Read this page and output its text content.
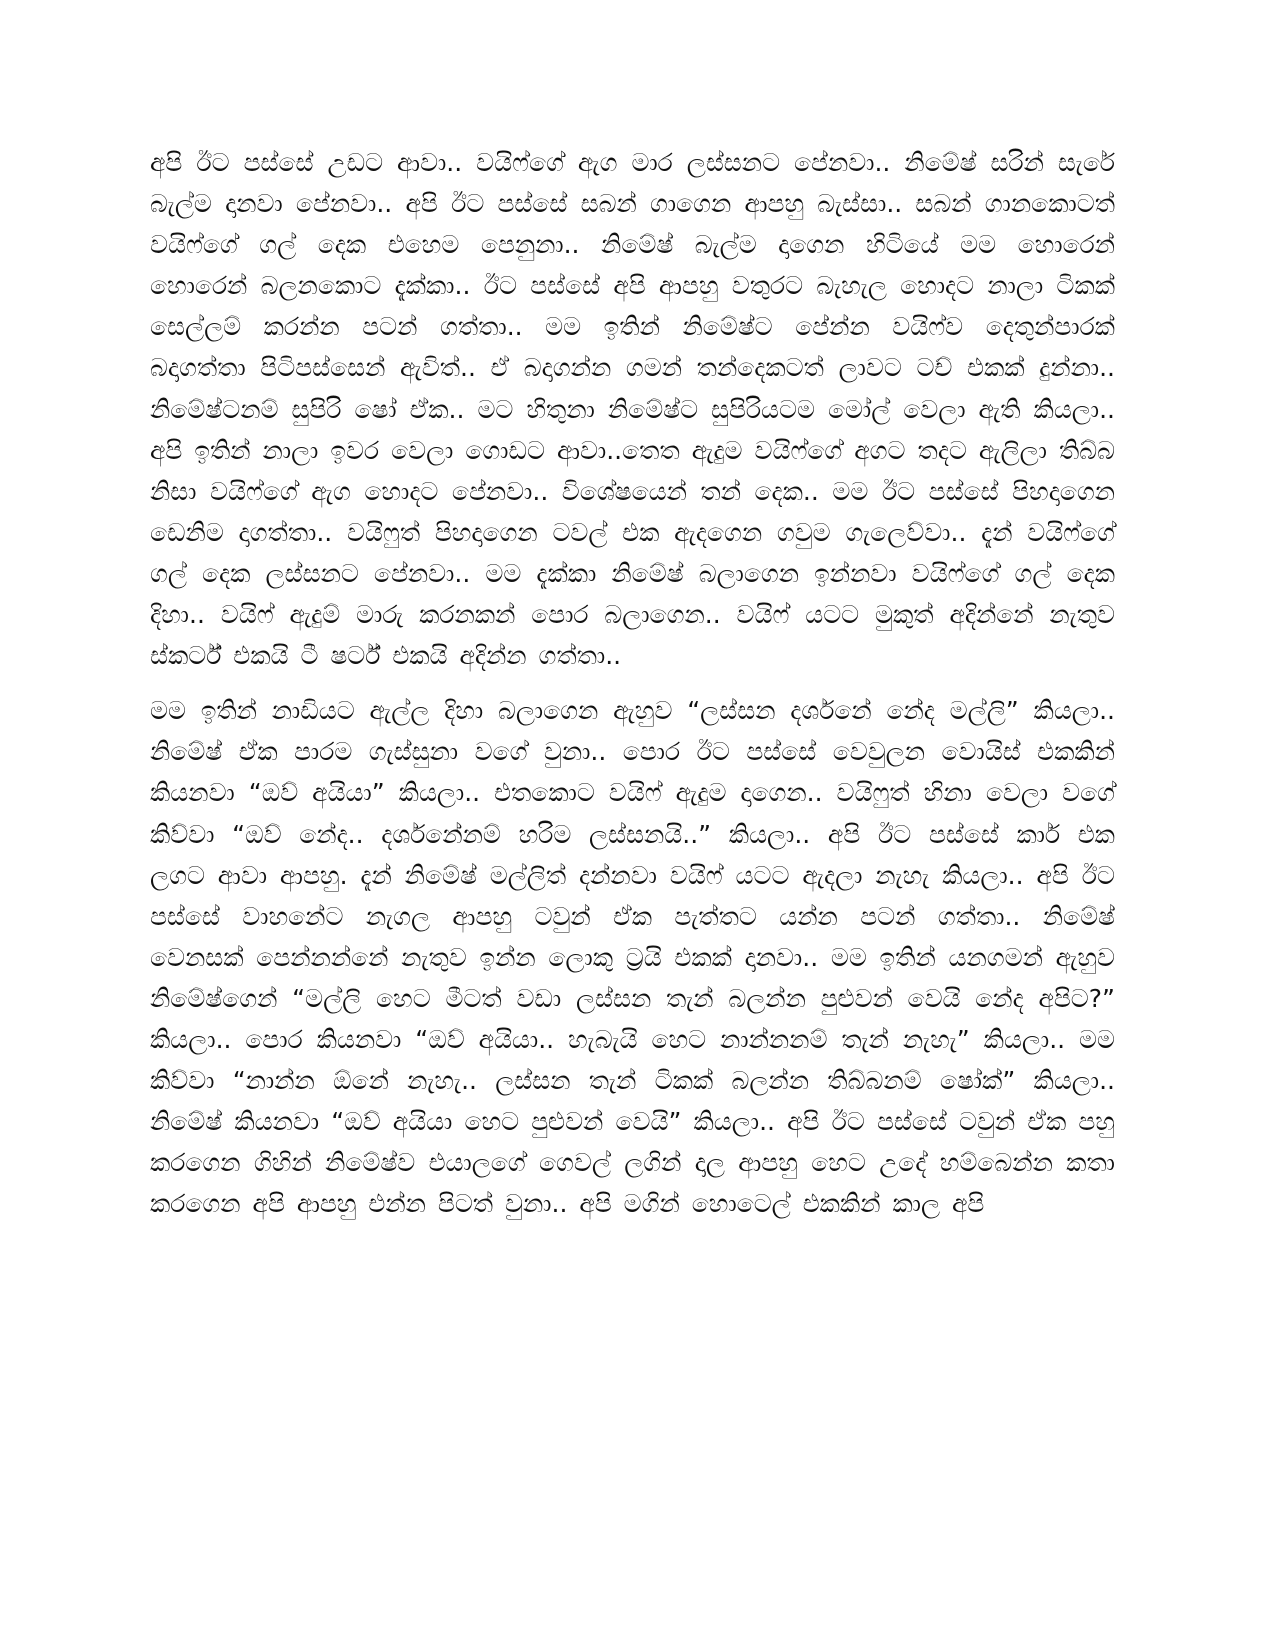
අපි ඊට පස්සේ උඩට ආවා.. වයිෆ්ගේ ඇග මාර ලස්සනට පේනවා.. නිමේෂ් සරින් සැරේ බැල්ම දානවා පේනවා.. අපි ඊට පස්සේ සබන් ගාගෙන ආපහු බැස්සා.. සබන් ගානකොටත් වයිෆ්ගේ ගල් දෙක එහෙම පෙනුනා.. නිමේෂ් බැල්ම දාගෙන හිටියේ මම හොරෙන් හොරෙන් බලනකොට දැක්කා.. ඊට පස්සේ අපි ආපහු වතුරට බැහැල හොදට නාලා ටිකක් සෙල්ලම් කරන්න පටන් ගත්තා.. මම ඉතින් නිමේෂ්ට පේන්න වයිෆ්ව දෙතුන්පාරක් බදාගත්තා පිටිපස්සෙන් ඇවිත්.. ඒ බදාගන්න ගමන් තන්දෙකටත් ලාවට ටච් එකක් දුන්නා.. නිමේෂ්ටනම් සුපිරි ෂෝ ඒක.. මට හිතුනා නිමේෂ්ට සුපිරියටම මෝල් වෙලා ඇති කියලා.. අපි ඉතින් නාලා ඉවර වෙලා ගොඩට ආවා..තෙත ඇදුම වයිෆ්ගේ අගට තදට ඇලිලා තිබ්බ නිසා වයිෆ්ගේ ඇග හොදට පේනවා.. විශේෂයෙන් තන් දෙක.. මම ඊට පස්සේ පිහදාගෙන ඩෙනිම දාගත්තා.. වයිෆුත් පිහදාගෙන ටවල් එක ඇදගෙන ගවුම ගැලෙව්වා.. දැන් වයිෆ්ගේ ගල් දෙක ලස්සනට පේනවා.. මම දැක්කා නිමේෂ් බලාගෙන ඉන්නවා වයිෆ්ගේ ගල් දෙක දිහා.. වයිෆ් ඇදුම් මාරු කරනකන් පොර බලාගෙන.. වයිෆ් යටට මුකුත් අදින්නේ නැතුව ස්කර්ට් එකයි ටී ෂර්ට් එකයි අදින්න ගත්තා..

මම ඉතින් නාඩියට ඇල්ල දිහා බලාගෙන ඇහුව “ලස්සන දර්ශනේ නේද මල්ලි” කියලා.. නිමේෂ් ඒක පාරම ගැස්සුනා වගේ වුනා.. පොර ඊට පස්සේ වෙවුලන වොයිස් එකකින් කියනවා “ඔව් අයියා” කියලා.. එතකොට වයිෆ් ඇදුම දාගෙන.. වයිෆුත් හිනා වෙලා වගේ කිව්වා “ඔව් නේද.. දර්ශනේනම් හරිම ලස්සනයි..” කියලා.. අපි ඊට පස්සේ කාර් එක ලගට ආවා ආපහු. දැන් නිමේෂ් මල්ලිත් දන්නවා වයිෆ් යටට ඇදලා නැහැ කියලා.. අපි ඊට පස්සේ වාහනේට නැගල ආපහු ටවුන් ඒක පැත්තට යන්න පටන් ගත්තා.. නිමේෂ් වෙනසක් පෙන්නන්නේ නැතුව ඉන්න ලොකු ට්‍රයි එකක් දානවා.. මම ඉතින් යනගමන් ඇහුව නිමේෂ්ගෙන් “මල්ලි හෙට මීටත් වඩා ලස්සන තැන් බලන්න පුළුවන් වෙයි නේද අපිට?” කියලා.. පොර කියනවා “ඔව් අයියා.. හැබැයි හෙට නාන්නනම් තැන් නැහැ” කියලා.. මම කිව්වා “නාන්න ඕනේ නැහැ.. ලස්සන තැන් ටිකක් බලන්න තිබ්බනම් ෂෝක්” කියලා.. නිමේෂ් කියනවා “ඔව් අයියා හෙට පුළුවන් වෙයි” කියලා.. අපි ඊට පස්සේ ටවුන් ඒක පහු කරගෙන ගිහින් නිමේෂ්ව එයාලගේ ගෙවල් ලගින් දාල ආපහු හෙට උදේ හම්බෙන්න කතා කරගෙන අපි ආපහු එන්න පිටත් වුනා.. අපි මගින් හොටෙල් එකකින් කාල අපි
